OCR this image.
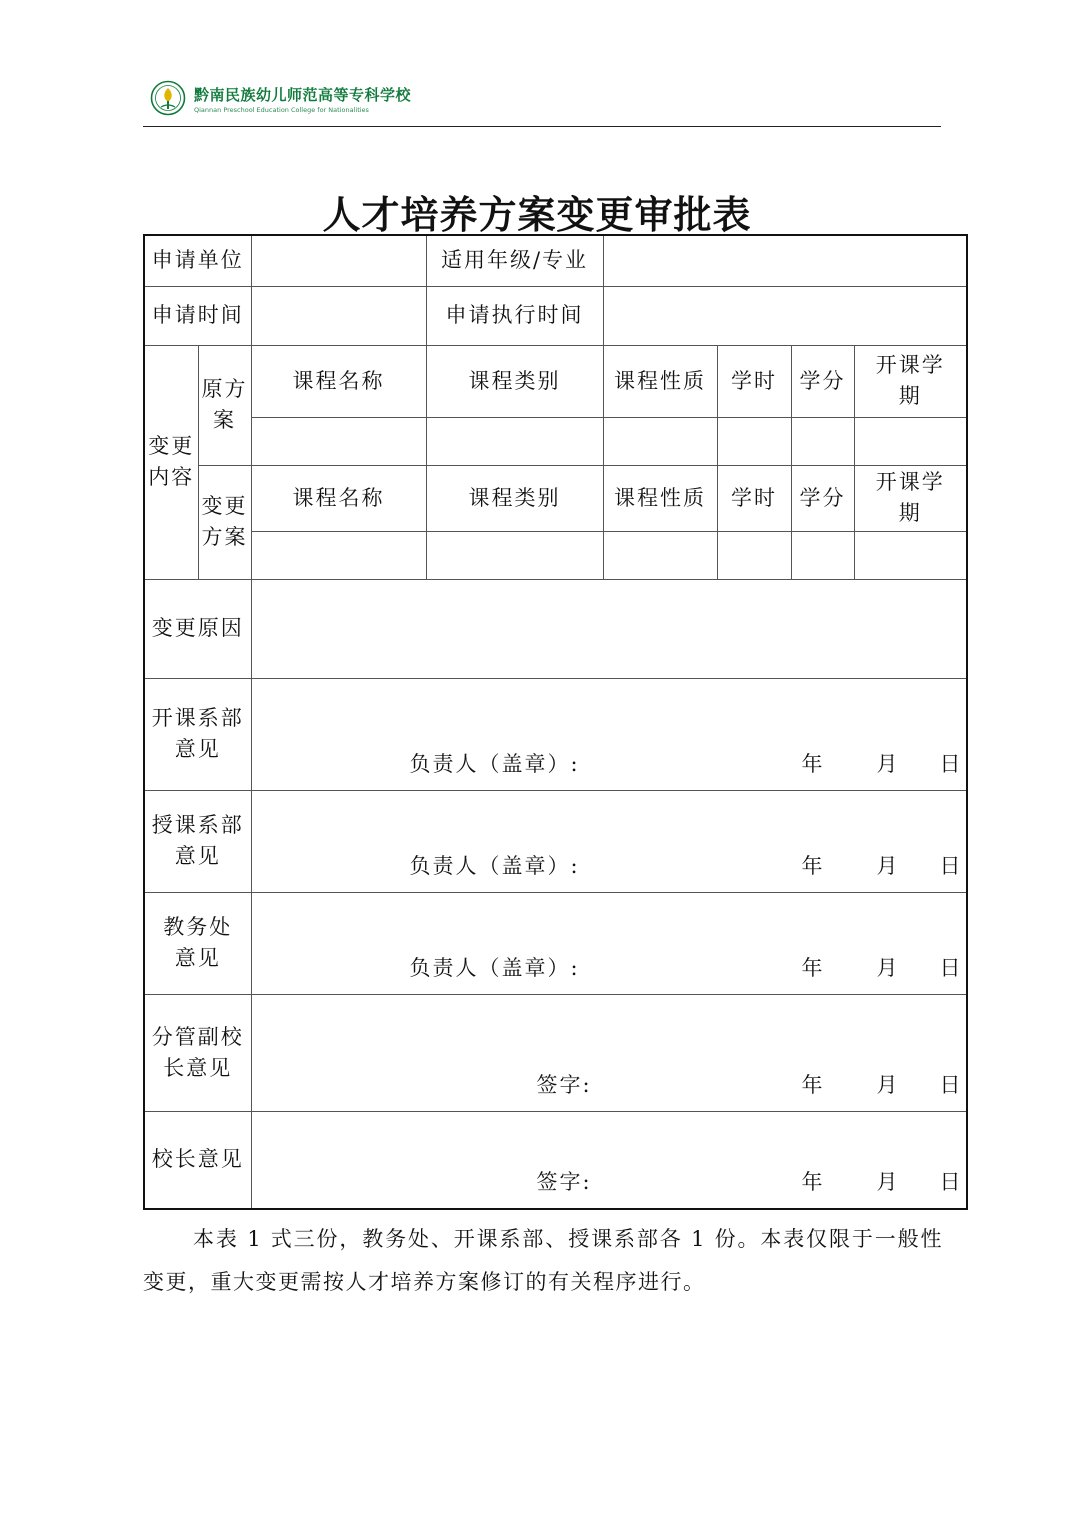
黔南民族幼儿师范高等专科学校
Qiannan Preschool Education College for Nationalities
人才培养方案变更审批表
申请单位			适用年级/专业				
申请时间			申请执行时间				
变更内容	原方案	课程名称	课程类别	课程性质	学时	学分	开课学期

	变更方案	课程名称	课程类别	课程性质	学时	学分	开课学期

变更原因							
开课系部意见		负责人（盖章）: 年 月 日					

授课系部意见		负责人（盖章）: 年 月 日					

教务处意见		负责人（盖章）: 年 月 日					

分管副校长意见		签字: 年 月 日					

校长意见		签字: 年 月 日					
本表 1 式三份，教务处、开课系部、授课系部各 1 份。本表仅限于一般性变更，重大变更需按人才培养方案修订的有关程序进行。
